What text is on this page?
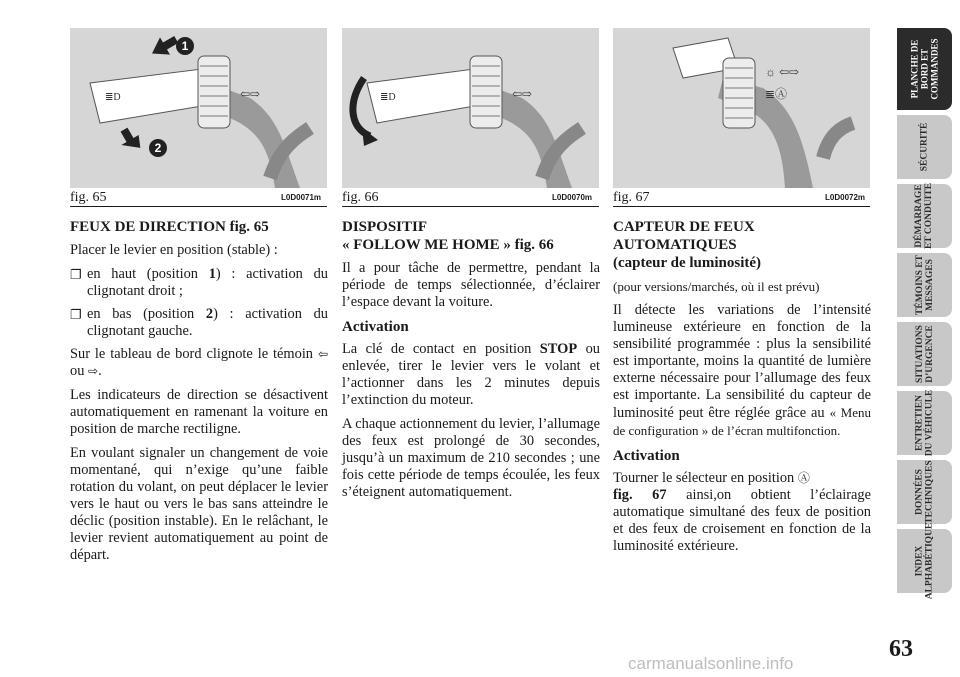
1
2
⇦⇨
≣D
fig. 65	L0D0071m
⇦⇨
≣D
fig. 66	L0D0070m
☼ ⇦⇨
≣Ⓐ
fig. 67	L0D0072m
FEUX DE DIRECTION fig. 65

Placer le levier en position (stable) :

❐ en haut (position 1) : activation du clignotant droit ;
❐ en bas (position 2) : activation du clignotant gauche.

Sur le tableau de bord clignote le témoin ⇦ ou ⇨.

Les indicateurs de direction se désactivent automatiquement en ramenant la voiture en position de marche rectiligne.

En voulant signaler un changement de voie momentané, qui n’exige qu’une faible rotation du volant, on peut déplacer le levier vers le haut ou vers le bas sans atteindre le déclic (position instable). En le relâchant, le levier revient automatiquement au point de départ.

DISPOSITIF
« FOLLOW ME HOME » fig. 66

Il a pour tâche de permettre, pendant la période de temps sélectionnée, d’éclairer l’espace devant la voiture.

Activation

La clé de contact en position STOP ou enlevée, tirer le levier vers le volant et l’actionner dans les 2 minutes depuis l’extinction du moteur.

A chaque actionnement du levier, l’allumage des feux est prolongé de 30 secondes, jusqu’à un maximum de 210 secondes ; une fois cette période de temps écoulée, les feux s’éteignent automatiquement.

CAPTEUR DE FEUX
AUTOMATIQUES
(capteur de luminosité)

(pour versions/marchés, où il est prévu)

Il détecte les variations de l’intensité lumineuse extérieure en fonction de la sensibilité programmée : plus la sensibilité est importante, moins la quantité de lumière externe nécessaire pour l’allumage des feux est importante. La sensibilité du capteur de luminosité peut être réglée grâce au « Menu de configuration » de l’écran multifonction.

Activation

Tourner le sélecteur en position Ⓐ
fig. 67 ainsi,on obtient l’éclairage automatique simultané des feux de position et des feux de croisement en fonction de la luminosité extérieure.

PLANCHE DE
BORD ET
COMMANDES
SÉCURITÉ
DÉMARRAGE
ET CONDUITE
TÉMOINS ET
MESSAGES
SITUATIONS
D’URGENCE
ENTRETIEN
DU VÉHICULE
DONNÉES
TECHNIQUES
INDEX
ALPHABÉTIQUE
63
carmanualsonline.info
